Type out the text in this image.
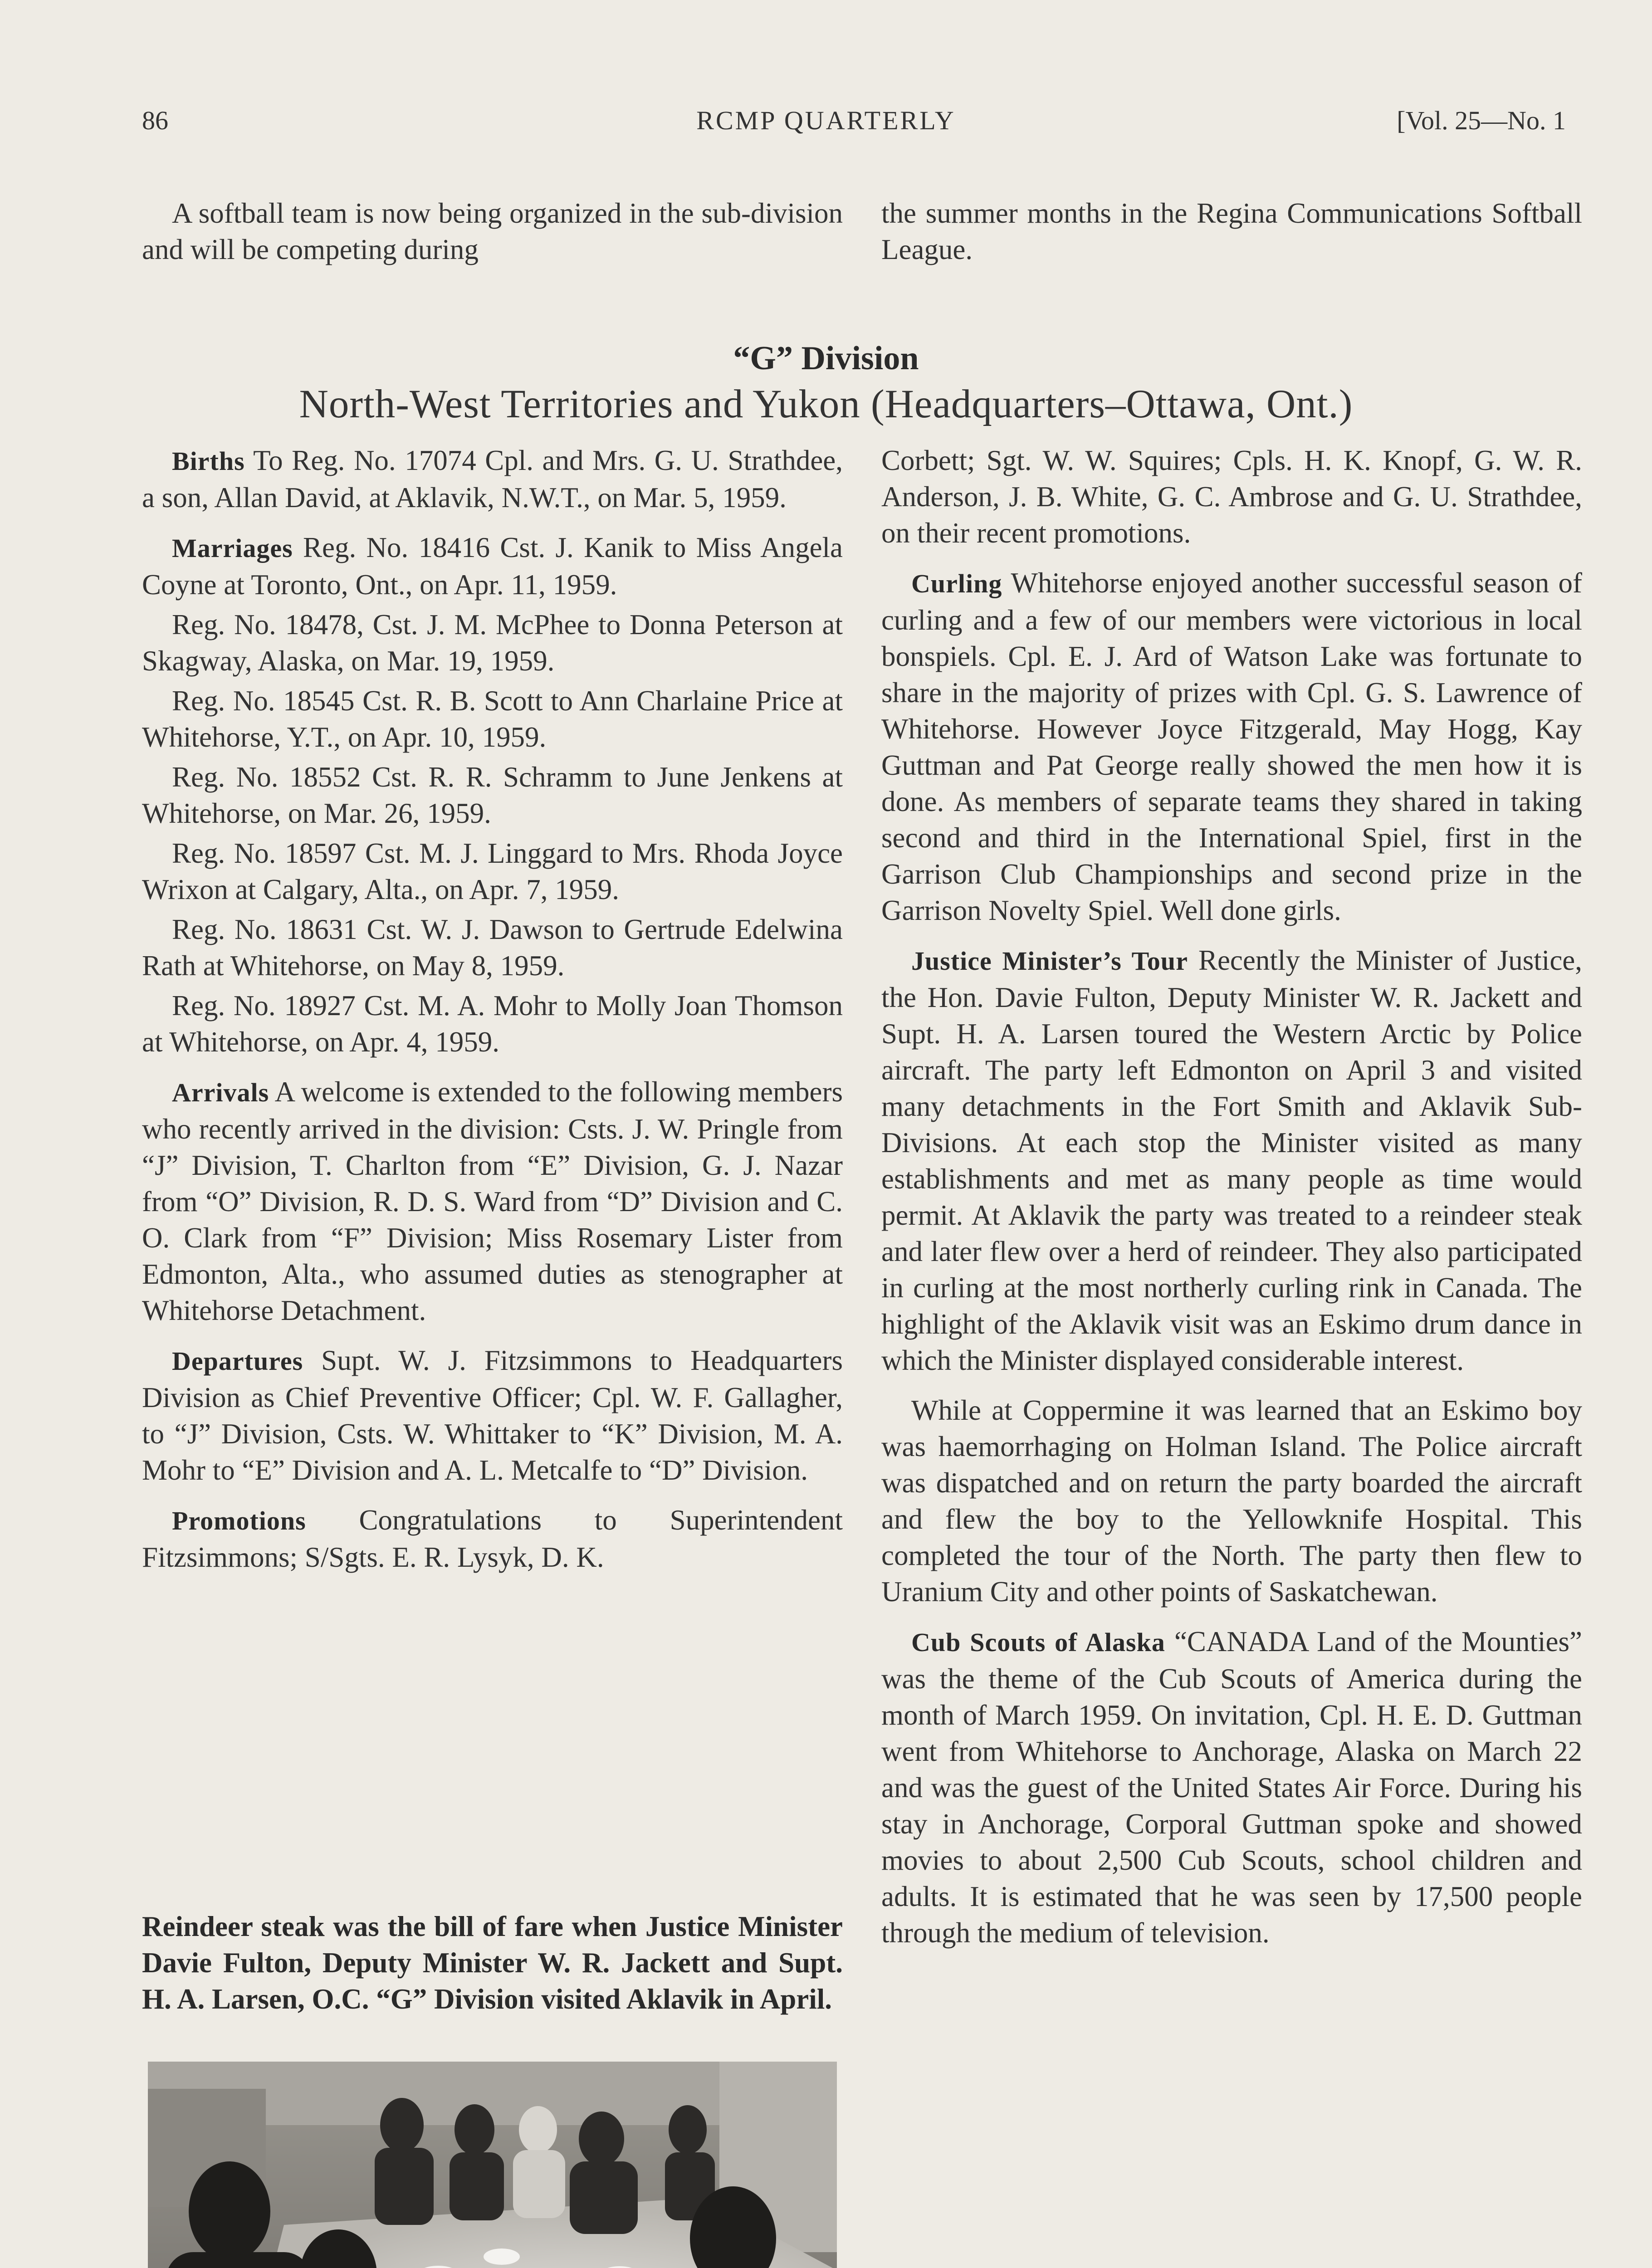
RCMP QUARTERLY
86	[Vol. 25—No. 1
A softball team is now being organized in the sub-division and will be competing during
the summer months in the Regina Communications Softball League.
“G” Division
North-West Territories and Yukon (Headquarters–Ottawa, Ont.)

Births To Reg. No. 17074 Cpl. and Mrs. G. U. Strathdee, a son, Allan David, at Aklavik, N.W.T., on Mar. 5, 1959.

Marriages Reg. No. 18416 Cst. J. Kanik to Miss Angela Coyne at Toronto, Ont., on Apr. 11, 1959.

Reg. No. 18478, Cst. J. M. McPhee to Donna Peterson at Skagway, Alaska, on Mar. 19, 1959.

Reg. No. 18545 Cst. R. B. Scott to Ann Charlaine Price at Whitehorse, Y.T., on Apr. 10, 1959.

Reg. No. 18552 Cst. R. R. Schramm to June Jenkens at Whitehorse, on Mar. 26, 1959.

Reg. No. 18597 Cst. M. J. Linggard to Mrs. Rhoda Joyce Wrixon at Calgary, Alta., on Apr. 7, 1959.

Reg. No. 18631 Cst. W. J. Dawson to Gertrude Edelwina Rath at Whitehorse, on May 8, 1959.

Reg. No. 18927 Cst. M. A. Mohr to Molly Joan Thomson at Whitehorse, on Apr. 4, 1959.

Arrivals A welcome is extended to the following members who recently arrived in the division: Csts. J. W. Pringle from “J” Division, T. Charlton from “E” Division, G. J. Nazar from “O” Division, R. D. S. Ward from “D” Division and C. O. Clark from “F” Division; Miss Rosemary Lister from Edmonton, Alta., who assumed duties as stenographer at Whitehorse Detachment.

Departures Supt. W. J. Fitzsimmons to Headquarters Division as Chief Preventive Officer; Cpl. W. F. Gallagher, to “J” Division, Csts. W. Whittaker to “K” Division, M. A. Mohr to “E” Division and A. L. Metcalfe to “D” Division.

Promotions Congratulations to Superintendent Fitzsimmons; S/Sgts. E. R. Lysyk, D. K.

Reindeer steak was the bill of fare when Justice Minister Davie Fulton, Deputy Minister W. R. Jackett and Supt. H. A. Larsen, O.C. “G” Division visited Aklavik in April.

Corbett; Sgt. W. W. Squires; Cpls. H. K. Knopf, G. W. R. Anderson, J. B. White, G. C. Ambrose and G. U. Strathdee, on their recent promotions.

Curling Whitehorse enjoyed another successful season of curling and a few of our members were victorious in local bonspiels. Cpl. E. J. Ard of Watson Lake was fortunate to share in the majority of prizes with Cpl. G. S. Lawrence of Whitehorse. However Joyce Fitzgerald, May Hogg, Kay Guttman and Pat George really showed the men how it is done. As members of separate teams they shared in taking second and third in the International Spiel, first in the Garrison Club Championships and second prize in the Garrison Novelty Spiel. Well done girls.

Justice Minister’s Tour Recently the Minister of Justice, the Hon. Davie Fulton, Deputy Minister W. R. Jackett and Supt. H. A. Larsen toured the Western Arctic by Police aircraft. The party left Edmonton on April 3 and visited many detachments in the Fort Smith and Aklavik Sub-Divisions. At each stop the Minister visited as many establishments and met as many people as time would permit. At Aklavik the party was treated to a reindeer steak and later flew over a herd of reindeer. They also participated in curling at the most northerly curling rink in Canada. The highlight of the Aklavik visit was an Eskimo drum dance in which the Minister displayed considerable interest.

While at Coppermine it was learned that an Eskimo boy was haemorrhaging on Holman Island. The Police aircraft was dispatched and on return the party boarded the aircraft and flew the boy to the Yellowknife Hospital. This completed the tour of the North. The party then flew to Uranium City and other points of Saskatchewan.

Cub Scouts of Alaska “CANADA Land of the Mounties” was the theme of the Cub Scouts of America during the month of March 1959. On invitation, Cpl. H. E. D. Guttman went from Whitehorse to Anchorage, Alaska on March 22 and was the guest of the United States Air Force. During his stay in Anchorage, Corporal Guttman spoke and showed movies to about 2,500 Cub Scouts, school children and adults. It is estimated that he was seen by 17,500 people through the medium of television.
